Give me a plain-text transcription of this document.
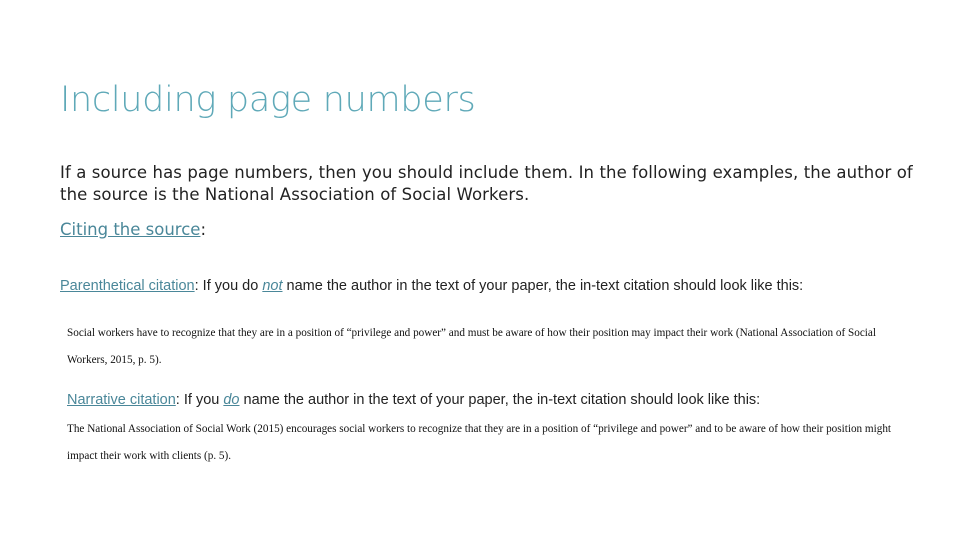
Including page numbers
If a source has page numbers, then you should include them. In the following examples, the author of the source is the National Association of Social Workers.
Citing the source:
Parenthetical citation: If you do not name the author in the text of your paper, the in-text citation should look like this:
Social workers have to recognize that they are in a position of “privilege and power” and must be aware of how their position may impact their work (National Association of Social Workers, 2015, p. 5).
Narrative citation: If you do name the author in the text of your paper, the in-text citation should look like this:
The National Association of Social Work (2015) encourages social workers to recognize that they are in a position of “privilege and power” and to be aware of how their position might impact their work with clients (p. 5).
